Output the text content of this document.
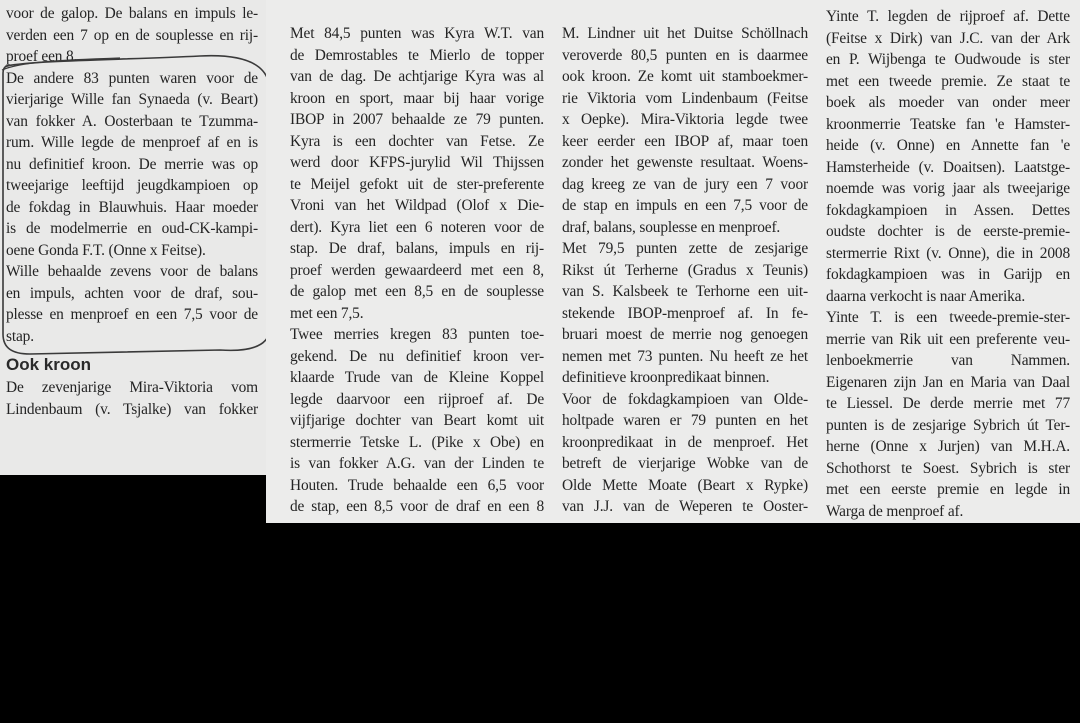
voor de galop. De balans en impuls le-
verden een 7 op en de souplesse en rij-
proef een 8.
De andere 83 punten waren voor de
vierjarige Wille fan Synaeda (v. Beart)
van fokker A. Oosterbaan te Tzumma-
rum. Wille legde de menproef af en is
nu definitief kroon. De merrie was op
tweejarige leeftijd jeugdkampioen op
de fokdag in Blauwhuis. Haar moeder
is de modelmerrie en oud-CK-kampi-
oene Gonda F.T. (Onne x Feitse).
Wille behaalde zevens voor de balans
en impuls, achten voor de draf, sou-
plesse en menproef en een 7,5 voor de
stap.
Ook kroon
De zevenjarige Mira-Viktoria vom
Lindenbaum (v. Tsjalke) van fokker
Met 84,5 punten was Kyra W.T. van
de Demrostables te Mierlo de topper
van de dag. De achtjarige Kyra was al
kroon en sport, maar bij haar vorige
IBOP in 2007 behaalde ze 79 punten.
Kyra is een dochter van Fetse. Ze
werd door KFPS-jurylid Wil Thijssen
te Meijel gefokt uit de ster-preferente
Vroni van het Wildpad (Olof x Die-
dert). Kyra liet een 6 noteren voor de
stap. De draf, balans, impuls en rij-
proef werden gewaardeerd met een 8,
de galop met een 8,5 en de souplesse
met een 7,5.
Twee merries kregen 83 punten toe-
gekend. De nu definitief kroon ver-
klaarde Trude van de Kleine Koppel
legde daarvoor een rijproef af. De
vijfjarige dochter van Beart komt uit
stermerrie Tetske L. (Pike x Obe) en
is van fokker A.G. van der Linden te
Houten. Trude behaalde een 6,5 voor
de stap, een 8,5 voor de draf en een 8
M. Lindner uit het Duitse Schöllnach
veroverde 80,5 punten en is daarmee
ook kroon. Ze komt uit stamboekmer-
rie Viktoria vom Lindenbaum (Feitse
x Oepke). Mira-Viktoria legde twee
keer eerder een IBOP af, maar toen
zonder het gewenste resultaat. Woens-
dag kreeg ze van de jury een 7 voor
de stap en impuls en een 7,5 voor de
draf, balans, souplesse en menproef.
Met 79,5 punten zette de zesjarige
Rikst út Terherne (Gradus x Teunis)
van S. Kalsbeek te Terhorne een uit-
stekende IBOP-menproef af. In fe-
bruari moest de merrie nog genoegen
nemen met 73 punten. Nu heeft ze het
definitieve kroonpredikaat binnen.
Voor de fokdagkampioen van Olde-
holtpade waren er 79 punten en het
kroonpredikaat in de menproef. Het
betreft de vierjarige Wobke van de
Olde Mette Moate (Beart x Rypke)
van J.J. van de Weperen te Ooster-
Yinte T. legden de rijproef af. Dette
(Feitse x Dirk) van J.C. van der Ark
en P. Wijbenga te Oudwoude is ster
met een tweede premie. Ze staat te
boek als moeder van onder meer
kroonmerrie Teatske fan 'e Hamster-
heide (v. Onne) en Annette fan 'e
Hamsterheide (v. Doaitsen). Laatstge-
noemde was vorig jaar als tweejarige
fokdagkampioen in Assen. Dettes
oudste dochter is de eerste-premie-
stermerrie Rixt (v. Onne), die in 2008
fokdagkampioen was in Garijp en
daarna verkocht is naar Amerika.
Yinte T. is een tweede-premie-ster-
merrie van Rik uit een preferente veu-
lenboekmerrie van Nammen.
Eigenaren zijn Jan en Maria van Daal
te Liessel. De derde merrie met 77
punten is de zesjarige Sybrich út Ter-
herne (Onne x Jurjen) van M.H.A.
Schothorst te Soest. Sybrich is ster
met een eerste premie en legde in
Warga de menproef af.
